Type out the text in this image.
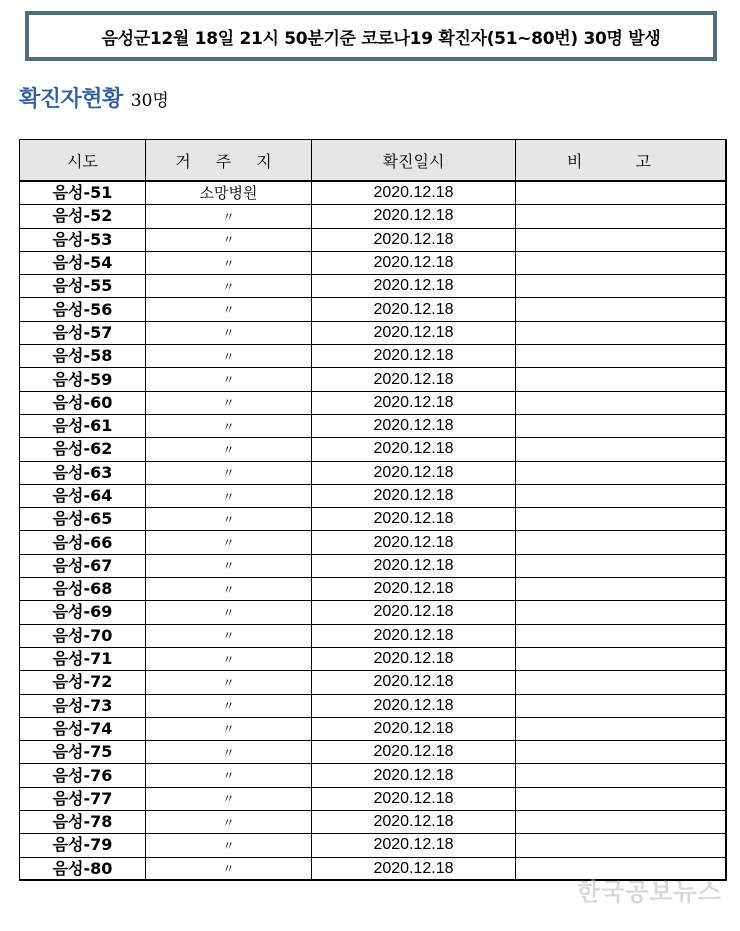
음성군12월 18일 21시 50분기준 코로나19 확진자(51~80번) 30명 발생
확진자현황 30명
시도	거 주 지	확진일시	비 고
음성-51	소망병원	2020.12.18	
음성-52	〃	2020.12.18	
음성-53	〃	2020.12.18	
음성-54	〃	2020.12.18	
음성-55	〃	2020.12.18	
음성-56	〃	2020.12.18	
음성-57	〃	2020.12.18	
음성-58	〃	2020.12.18	
음성-59	〃	2020.12.18	
음성-60	〃	2020.12.18	
음성-61	〃	2020.12.18	
음성-62	〃	2020.12.18	
음성-63	〃	2020.12.18	
음성-64	〃	2020.12.18	
음성-65	〃	2020.12.18	
음성-66	〃	2020.12.18	
음성-67	〃	2020.12.18	
음성-68	〃	2020.12.18	
음성-69	〃	2020.12.18	
음성-70	〃	2020.12.18	
음성-71	〃	2020.12.18	
음성-72	〃	2020.12.18	
음성-73	〃	2020.12.18	
음성-74	〃	2020.12.18	
음성-75	〃	2020.12.18	
음성-76	〃	2020.12.18	
음성-77	〃	2020.12.18	
음성-78	〃	2020.12.18	
음성-79	〃	2020.12.18	
음성-80	〃	2020.12.18	
한국공보뉴스
